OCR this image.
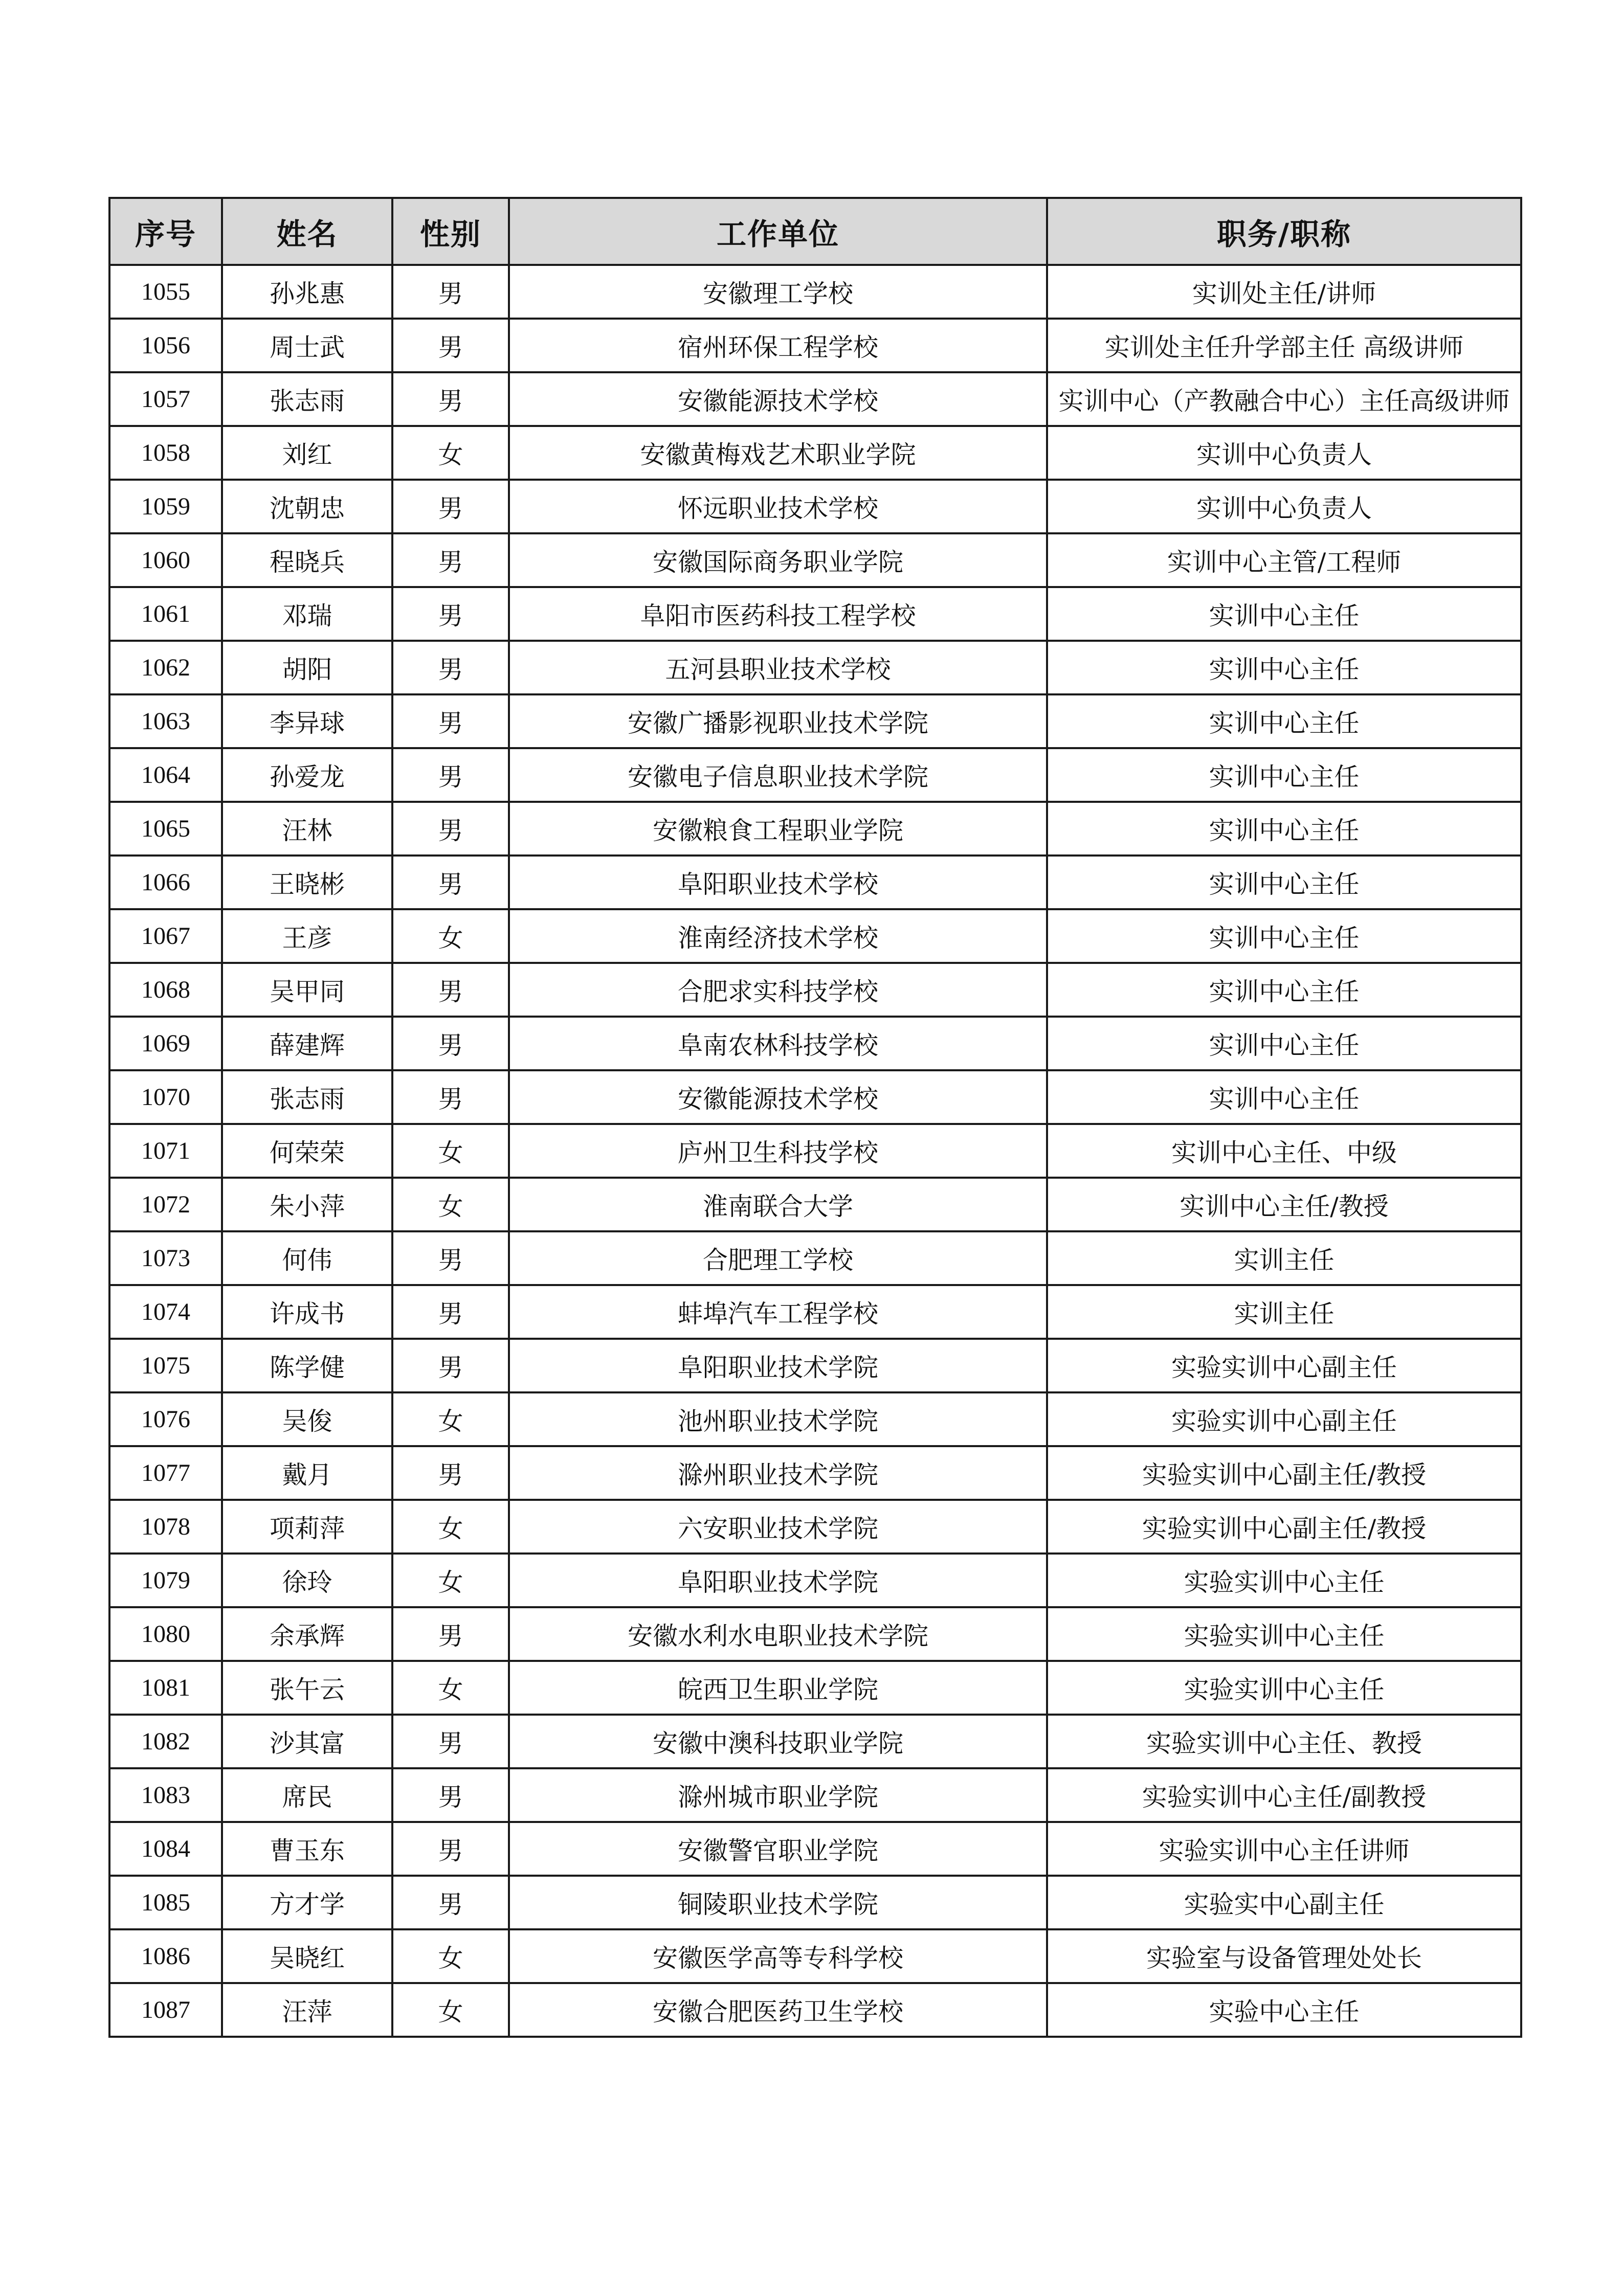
序号	姓名	性别	工作单位	职务/职称
1055	孙兆惠	男	安徽理工学校	实训处主任/讲师
1056	周士武	男	宿州环保工程学校	实训处主任升学部主任 高级讲师
1057	张志雨	男	安徽能源技术学校	实训中心（产教融合中心）主任高级讲师
1058	刘红	女	安徽黄梅戏艺术职业学院	实训中心负责人
1059	沈朝忠	男	怀远职业技术学校	实训中心负责人
1060	程晓兵	男	安徽国际商务职业学院	实训中心主管/工程师
1061	邓瑞	男	阜阳市医药科技工程学校	实训中心主任
1062	胡阳	男	五河县职业技术学校	实训中心主任
1063	李异球	男	安徽广播影视职业技术学院	实训中心主任
1064	孙爱龙	男	安徽电子信息职业技术学院	实训中心主任
1065	汪林	男	安徽粮食工程职业学院	实训中心主任
1066	王晓彬	男	阜阳职业技术学校	实训中心主任
1067	王彦	女	淮南经济技术学校	实训中心主任
1068	吴甲同	男	合肥求实科技学校	实训中心主任
1069	薛建辉	男	阜南农林科技学校	实训中心主任
1070	张志雨	男	安徽能源技术学校	实训中心主任
1071	何荣荣	女	庐州卫生科技学校	实训中心主任、中级
1072	朱小萍	女	淮南联合大学	实训中心主任/教授
1073	何伟	男	合肥理工学校	实训主任
1074	许成书	男	蚌埠汽车工程学校	实训主任
1075	陈学健	男	阜阳职业技术学院	实验实训中心副主任
1076	吴俊	女	池州职业技术学院	实验实训中心副主任
1077	戴月	男	滁州职业技术学院	实验实训中心副主任/教授
1078	项莉萍	女	六安职业技术学院	实验实训中心副主任/教授
1079	徐玲	女	阜阳职业技术学院	实验实训中心主任
1080	余承辉	男	安徽水利水电职业技术学院	实验实训中心主任
1081	张午云	女	皖西卫生职业学院	实验实训中心主任
1082	沙其富	男	安徽中澳科技职业学院	实验实训中心主任、教授
1083	席民	男	滁州城市职业学院	实验实训中心主任/副教授
1084	曹玉东	男	安徽警官职业学院	实验实训中心主任讲师
1085	方才学	男	铜陵职业技术学院	实验实中心副主任
1086	吴晓红	女	安徽医学高等专科学校	实验室与设备管理处处长
1087	汪萍	女	安徽合肥医药卫生学校	实验中心主任
